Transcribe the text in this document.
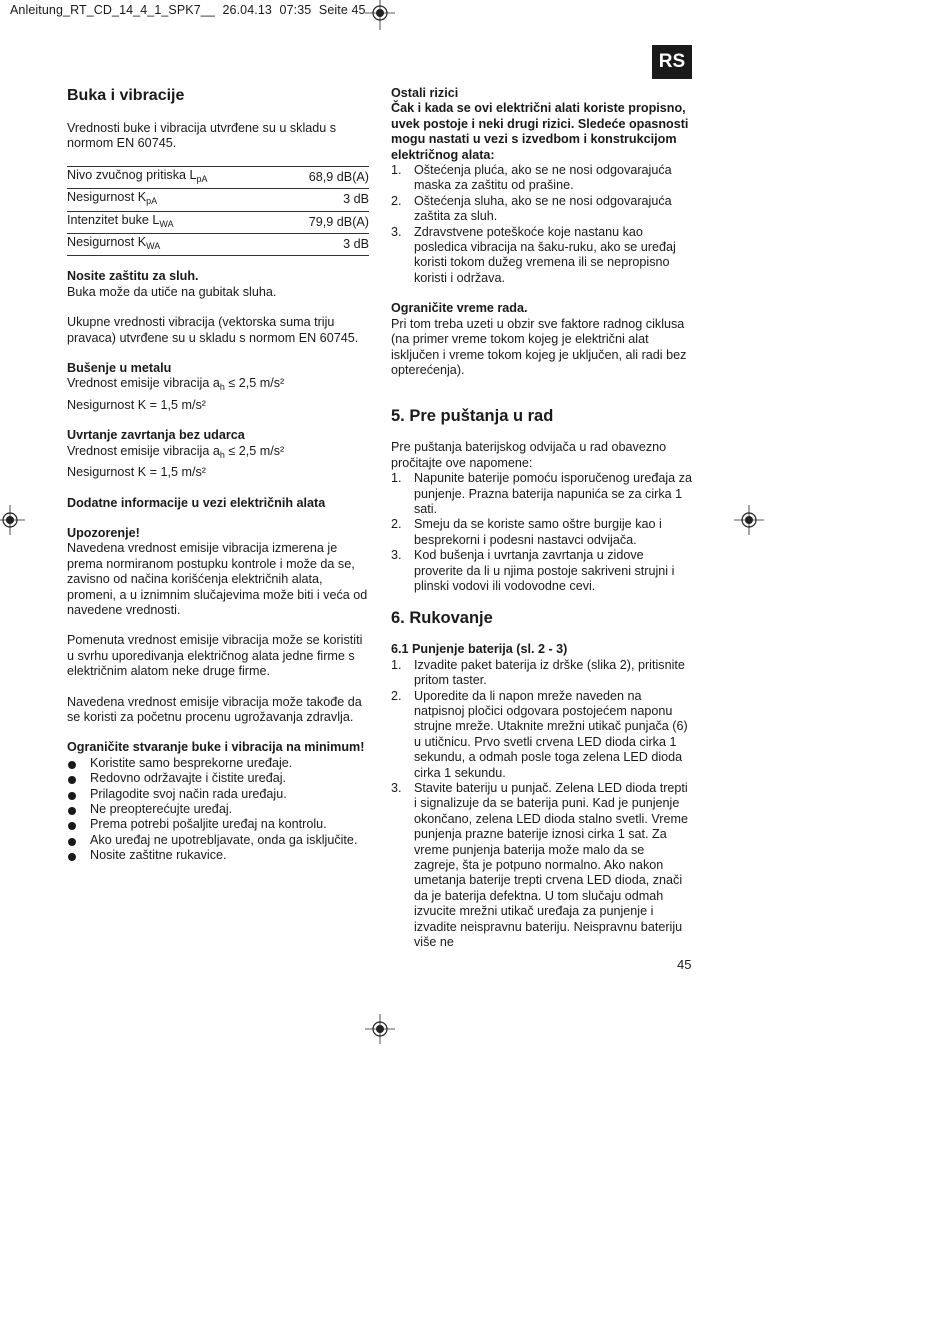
Anleitung_RT_CD_14_4_1_SPK7__ 26.04.13 07:35 Seite 45
RS
Buka i vibracije

Vrednosti buke i vibracija utvrđene su u skladu s normom EN 60745.

Nivo zvučnog pritiska $L_{pA}$	68,9 dB(A)
Nesigurnost $K_{pA}$	3 dB
Intenzitet buke $L_{WA}$	79,9 dB(A)
Nesigurnost $K_{WA}$	3 dB

Nosite zaštitu za sluh.

Buka može da utiče na gubitak sluha.

Ukupne vrednosti vibracija (vektorska suma triju pravaca) utvrđene su u skladu s normom EN 60745.

Bušenje u metalu

Vrednost emisije vibracija $a_h \le 2,5$ m/s²

Nesigurnost K = 1,5 m/s²

Uvrtanje zavrtanja bez udarca

Vrednost emisije vibracija $a_h \le 2,5$ m/s²

Nesigurnost K = 1,5 m/s²

Dodatne informacije u vezi električnih alata

Upozorenje!

Navedena vrednost emisije vibracija izmerena je prema normiranom postupku kontrole i može da se, zavisno od načina korišćenja električnih alata, promeni, a u iznimnim slučajevima može biti i veća od navedene vrednosti.

Pomenuta vrednost emisije vibracija može se koristiti u svrhu uporedivanja električnog alata jedne firme s električnim alatom neke druge firme.

Navedena vrednost emisije vibracija može takođe da se koristi za početnu procenu ugrožavanja zdravlja.

Ograničite stvaranje buke i vibracija na minimum!

Koristite samo besprekorne uređaje.
Redovno održavajte i čistite uređaj.
Prilagodite svoj način rada uređaju.
Ne preopterećujte uređaj.
Prema potrebi pošaljite uređaj na kontrolu.
Ako uređaj ne upotrebljavate, onda ga isključite.
Nosite zaštitne rukavice.

Ostali rizici

Čak i kada se ovi električni alati koriste propisno, uvek postoje i neki drugi rizici. Sledeće opasnosti mogu nastati u vezi s izvedbom i konstrukcijom električnog alata:

1. Oštećenja pluća, ako se ne nosi odgovarajuća maska za zaštitu od prašine.
2. Oštećenja sluha, ako se ne nosi odgovarajuća zaštita za sluh.
3. Zdravstvene poteškoće koje nastanu kao posledica vibracija na šaku-ruku, ako se uređaj koristi tokom dužeg vremena ili se nepropisno koristi i održava.

Ograničite vreme rada.

Pri tom treba uzeti u obzir sve faktore radnog ciklusa (na primer vreme tokom kojeg je električni alat isključen i vreme tokom kojeg je uključen, ali radi bez opterećenja).

5. Pre puštanja u rad

Pre puštanja baterijskog odvijača u rad obavezno pročitajte ove napomene:

1. Napunite baterije pomoću isporučenog uređaja za punjenje. Prazna baterija napunića se za cirka 1 sati.
2. Smeju da se koriste samo oštre burgije kao i besprekorni i podesni nastavci odvijača.
3. Kod bušenja i uvrtanja zavrtanja u zidove proverite da li u njima postoje sakriveni strujni i plinski vodovi ili vodovodne cevi.
6. Rukovanje

6.1 Punjenje baterija (sl. 2 - 3)

1. Izvadite paket baterija iz drške (slika 2), pritisnite pritom taster.
2. Uporedite da li napon mreže naveden na natpisnoj pločici odgovara postojećem naponu strujne mreže. Utaknite mrežni utikač punjača (6) u utičnicu. Prvo svetli crvena LED dioda cirka 1 sekundu, a odmah posle toga zelena LED dioda cirka 1 sekundu.
3. Stavite bateriju u punjač. Zelena LED dioda trepti i signalizuje da se baterija puni. Kad je punjenje okončano, zelena LED dioda stalno svetli. Vreme punjenja prazne baterije iznosi cirka 1 sat. Za vreme punjenja baterija može malo da se zagreje, šta je potpuno normalno. Ako nakon umetanja baterije trepti crvena LED dioda, znači da je baterija defektna. U tom slučaju odmah izvucite mrežni utikač uređaja za punjenje i izvadite neispravnu bateriju. Neispravnu bateriju više ne
45
